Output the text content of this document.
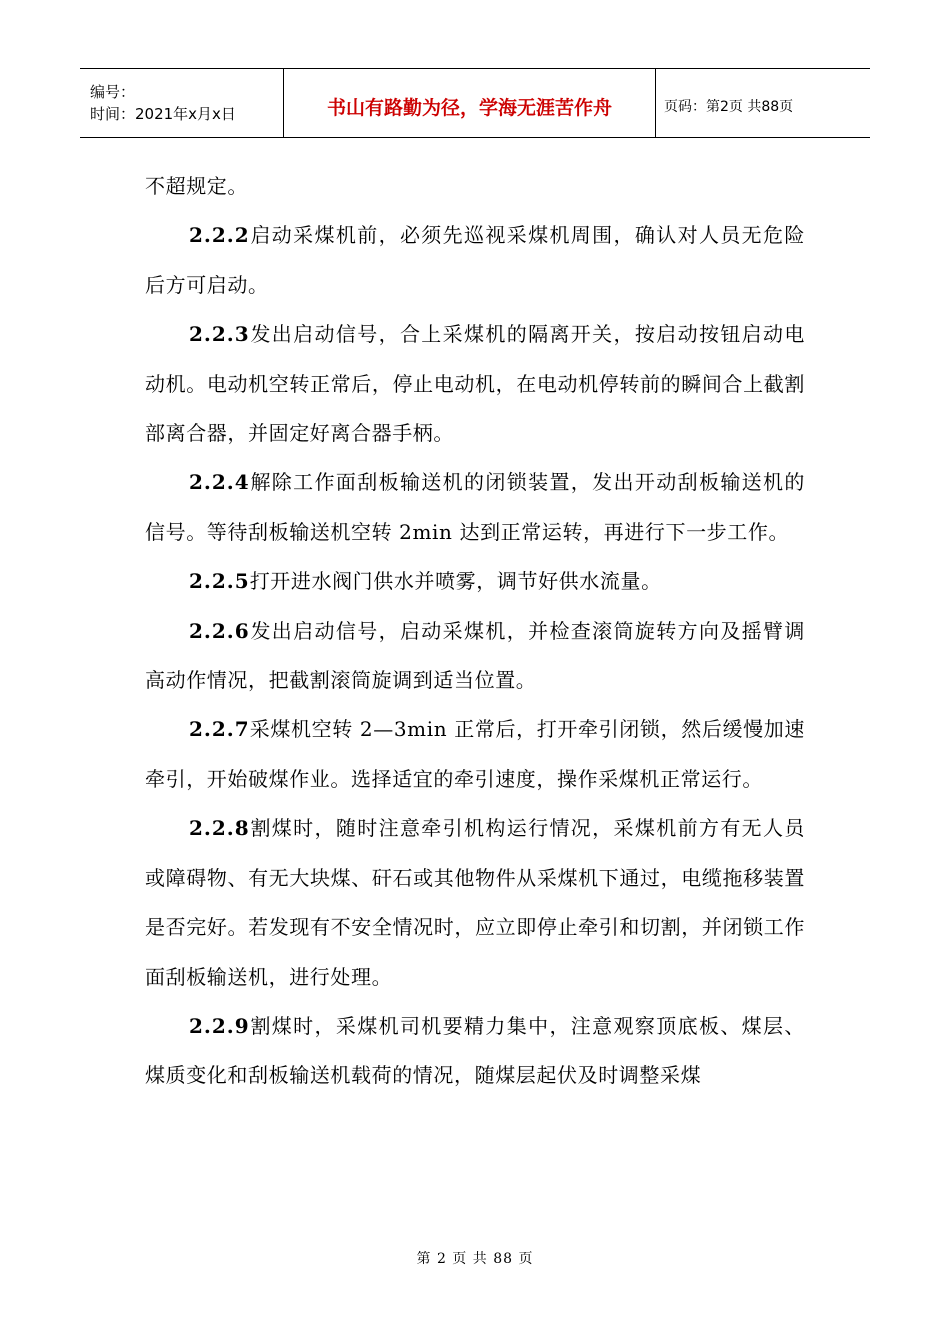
编号：
时间：2021年x月x日	书山有路勤为径，学海无涯苦作舟	页码：第2页 共88页

不超规定。

2.2.2启动采煤机前，必须先巡视采煤机周围，确认对人员无危险后方可启动。

2.2.3发出启动信号，合上采煤机的隔离开关，按启动按钮启动电动机。电动机空转正常后，停止电动机，在电动机停转前的瞬间合上截割部离合器，并固定好离合器手柄。

2.2.4解除工作面刮板输送机的闭锁装置，发出开动刮板输送机的信号。等待刮板输送机空转 2min 达到正常运转，再进行下一步工作。

2.2.5打开进水阀门供水并喷雾，调节好供水流量。

2.2.6发出启动信号，启动采煤机，并检查滚筒旋转方向及摇臂调高动作情况，把截割滚筒旋调到适当位置。

2.2.7采煤机空转 2—3min 正常后，打开牵引闭锁，然后缓慢加速牵引，开始破煤作业。选择适宜的牵引速度，操作采煤机正常运行。

2.2.8割煤时，随时注意牵引机构运行情况，采煤机前方有无人员或障碍物、有无大块煤、矸石或其他物件从采煤机下通过，电缆拖移装置是否完好。若发现有不安全情况时，应立即停止牵引和切割，并闭锁工作面刮板输送机，进行处理。

2.2.9割煤时，采煤机司机要精力集中，注意观察顶底板、煤层、煤质变化和刮板输送机载荷的情况，随煤层起伏及时调整采煤

第 2 页 共 88 页
